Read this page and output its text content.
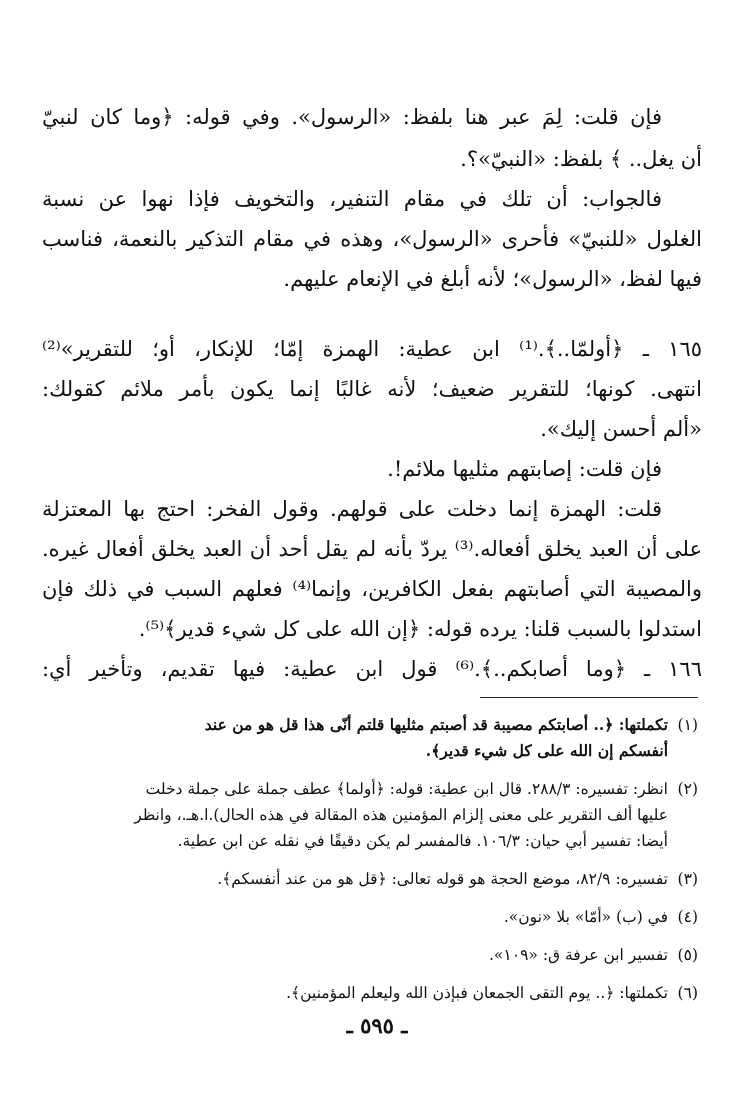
فإن قلت: لِمَ عبر هنا بلفظ: «الرسول». وفي قوله: ﴿وما كان لنبيّ
أن يغل.. ﴾ بلفظ: «النبيّ»؟.
فالجواب: أن تلك في مقام التنفير، والتخويف فإذا نهوا عن نسبة
الغلول «للنبيّ» فأحرى «الرسول»، وهذه في مقام التذكير بالنعمة، فناسب
فيها لفظ، «الرسول»؛ لأنه أبلغ في الإنعام عليهم.
١٦٥ ـ ﴿أولمّا..﴾.⁽¹⁾ ابن عطية: الهمزة إمّا؛ للإنكار، أو؛ للتقرير»⁽²⁾
انتهى. كونها؛ للتقرير ضعيف؛ لأنه غالبًا إنما يكون بأمر ملائم كقولك:
«ألم أحسن إليك».
فإن قلت: إصابتهم مثليها ملائم!.
قلت: الهمزة إنما دخلت على قولهم. وقول الفخر: احتج بها المعتزلة
على أن العبد يخلق أفعاله.⁽³⁾ يردّ بأنه لم يقل أحد أن العبد يخلق أفعال غيره.
والمصيبة التي أصابتهم بفعل الكافرين، وإنما⁽⁴⁾ فعلهم السبب في ذلك فإن
استدلوا بالسبب قلنا: يرده قوله: ﴿إن الله على كل شيء قدير﴾⁽⁵⁾.
١٦٦ ـ ﴿وما أصابكم..﴾.⁽⁶⁾ قول ابن عطية: فيها تقديم، وتأخير أي:
(١)تكملتها: ﴿.. أصابتكم مصيبة قد أصبتم مثليها قلتم أنّى هذا قل هو من عند
أنفسكم إن الله على كل شيء قدير﴾.
(٢)انظر: تفسيره: ٢٨٨/٣. قال ابن عطية: قوله: ﴿أولما﴾ عطف جملة على جملة دخلت
عليها ألف التقرير على معنى إلزام المؤمنين هذه المقالة في هذه الحال).ا.هـ.، وانظر
أيضا: تفسير أبي حيان: ١٠٦/٣. فالمفسر لم يكن دقيقًا في نقله عن ابن عطية.
(٣)تفسيره: ٨٢/٩، موضع الحجة هو قوله تعالى: ﴿قل هو من عند أنفسكم﴾.
(٤)في (ب) «أمّا» بلا «نون».
(٥)تفسير ابن عرفة ق: «١٠٩».
(٦)تكملتها: ﴿.. يوم التقى الجمعان فبإذن الله وليعلم المؤمنين﴾.
ـ ٥٩٥ ـ
